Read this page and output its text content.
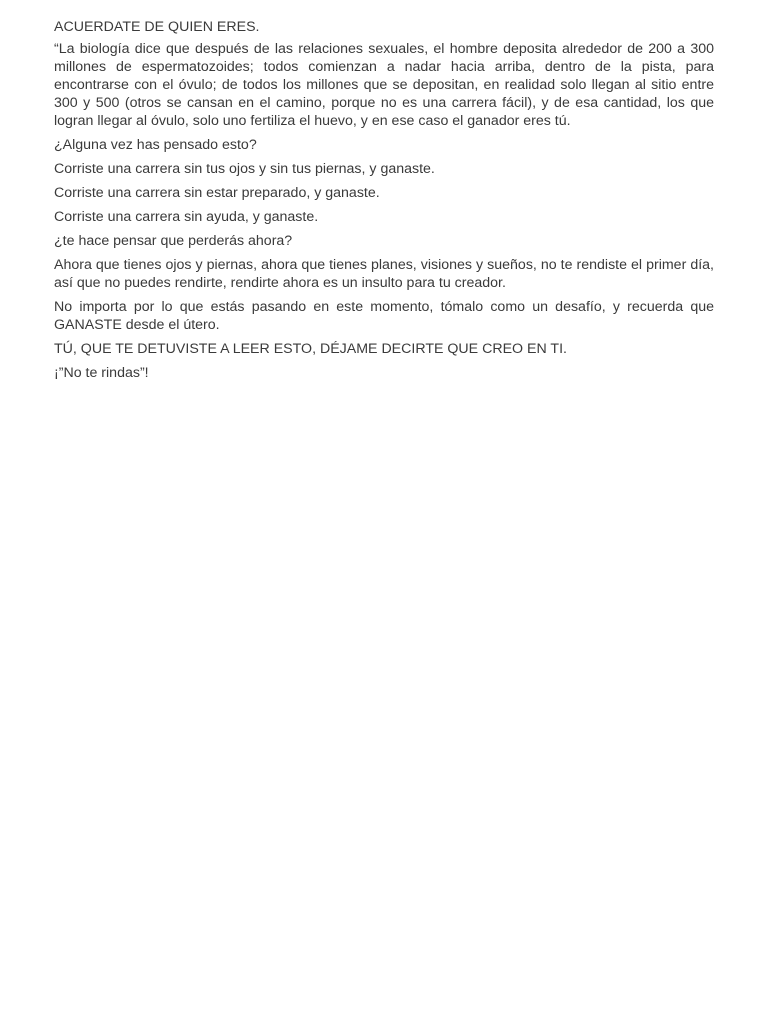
ACUERDATE DE QUIEN ERES.
“La biología dice que después de las relaciones sexuales, el hombre deposita alrededor de 200 a 300 millones de espermatozoides; todos comienzan a nadar hacia arriba, dentro de la pista, para encontrarse con el óvulo; de todos los millones que se depositan, en realidad solo llegan al sitio entre 300 y 500 (otros se cansan en el camino, porque no es una carrera fácil), y de esa cantidad, los que logran llegar al óvulo, solo uno fertiliza el huevo, y en ese caso el ganador eres tú.
¿Alguna vez has pensado esto?
Corriste una carrera sin tus ojos y sin tus piernas, y ganaste.
Corriste una carrera sin estar preparado, y ganaste.
Corriste una carrera sin ayuda, y ganaste.
¿te hace pensar que perderás ahora?
Ahora que tienes ojos y piernas, ahora que tienes planes, visiones y sueños, no te rendiste el primer día, así que no puedes rendirte, rendirte ahora es un insulto para tu creador.
No importa por lo que estás pasando en este momento, tómalo como un desafío, y recuerda que GANASTE desde el útero.
TÚ, QUE TE DETUVISTE A LEER ESTO, DÉJAME DECIRTE QUE CREO EN TI.
¡”No te rindas”!
